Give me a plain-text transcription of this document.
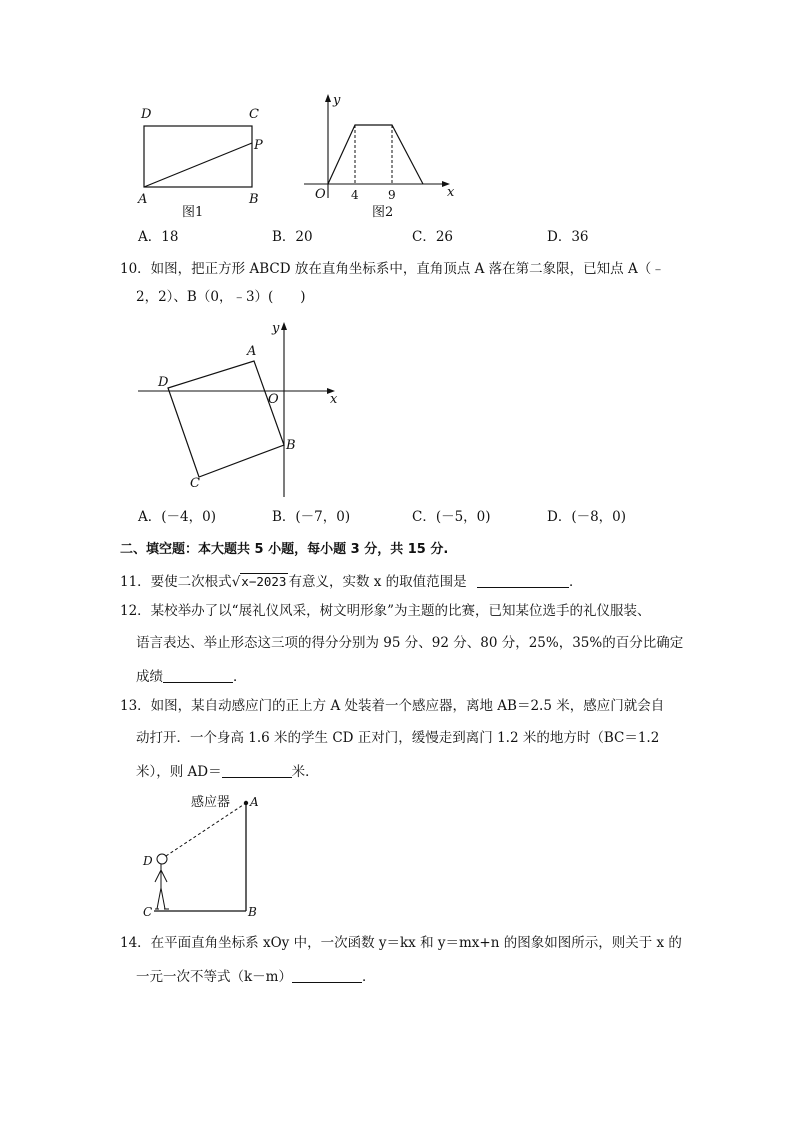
D	C
P
A	B
图1
y
x
O 4 9
图2
A．18	B．20	C．26	D．36
10．如图，把正方形 ABCD 放在直角坐标系中，直角顶点 A 落在第二象限，已知点 A（﹣
2，2）、B（0，﹣3）(　　)
y
A
D
O	x
B
C
A．(－4，0)	B．(－7，0)	C．(－5，0)	D．(－8，0)
二、填空题：本大题共 5 小题，每小题 3 分，共 15 分.
11．要使二次根式√x−2023 有意义，实数 x 的取值范围是	．
12．某校举办了以“展礼仪风采，树文明形象”为主题的比赛，已知某位选手的礼仪服装、
语言表达、举止形态这三项的得分分别为 95 分、92 分、80 分，25%，35%的百分比确定
成绩	．
13．如图，某自动感应门的正上方 A 处装着一个感应器，离地 AB＝2.5 米，感应门就会自
动打开．一个身高 1.6 米的学生 CD 正对门，缓慢走到离门 1.2 米的地方时（BC＝1.2
米），则 AD＝	米．
感应器 A
D
C	B
14．在平面直角坐标系 xOy 中，一次函数 y＝kx 和 y＝mx+n 的图象如图所示，则关于 x 的
一元一次不等式（k－m）	．
